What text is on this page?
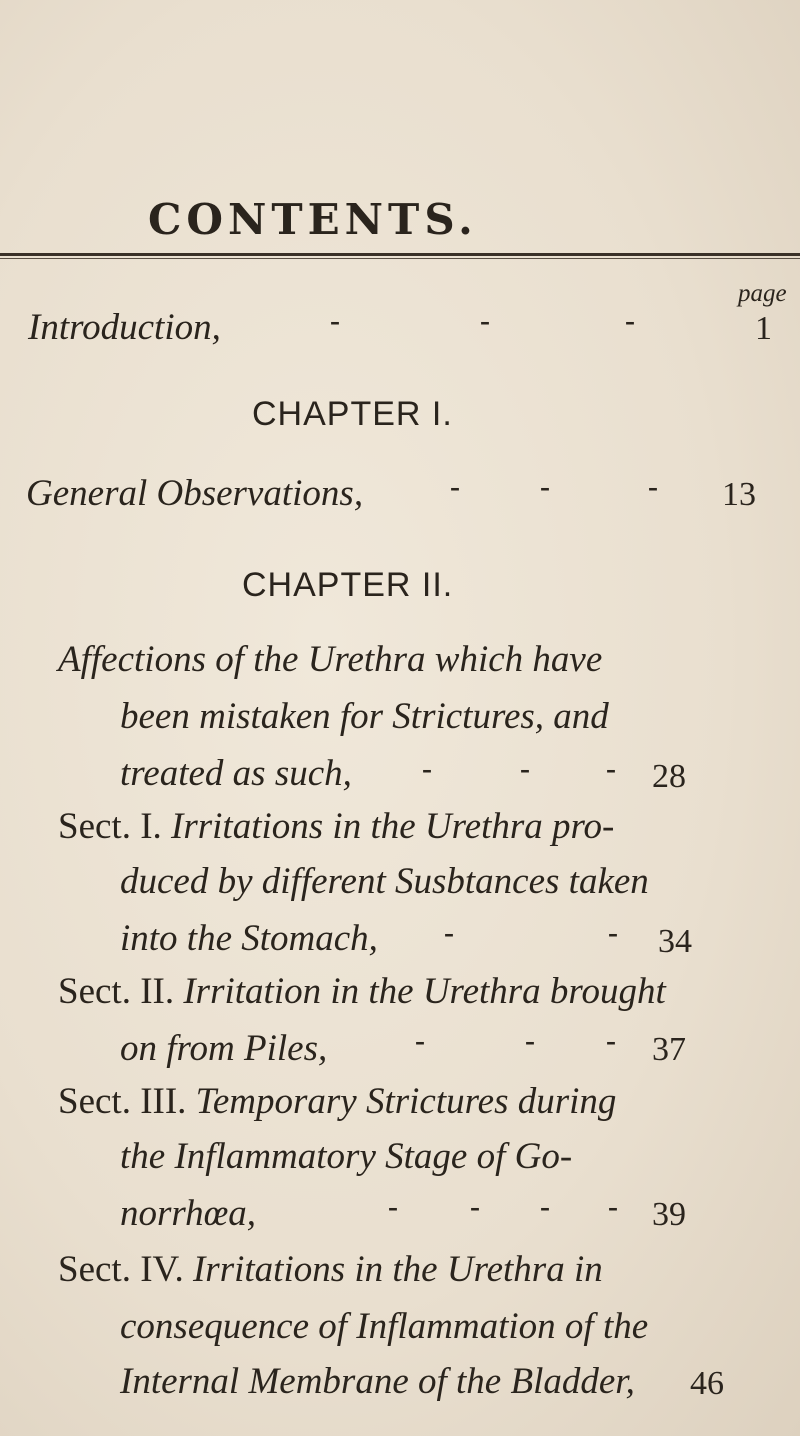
CONTENTS.
page
Introduction,	-	-	-	1
CHAPTER I.
General Observations,	-	-	- 13
CHAPTER II.
Affections of the Urethra which have
been mistaken for Strictures, and
treated as such, -	-	- 28
Sect. I. Irritations in the Urethra pro-
duced by different Susbtances taken
into the Stomach, -	- 34
Sect. II. Irritation in the Urethra brought
on from Piles,	-	- - 37
Sect. III. Temporary Strictures during
the Inflammatory Stage of Go-
norrhœa,	- - - - 39
Sect. IV. Irritations in the Urethra in
consequence of Inflammation of the
Internal Membrane of the Bladder, 46
